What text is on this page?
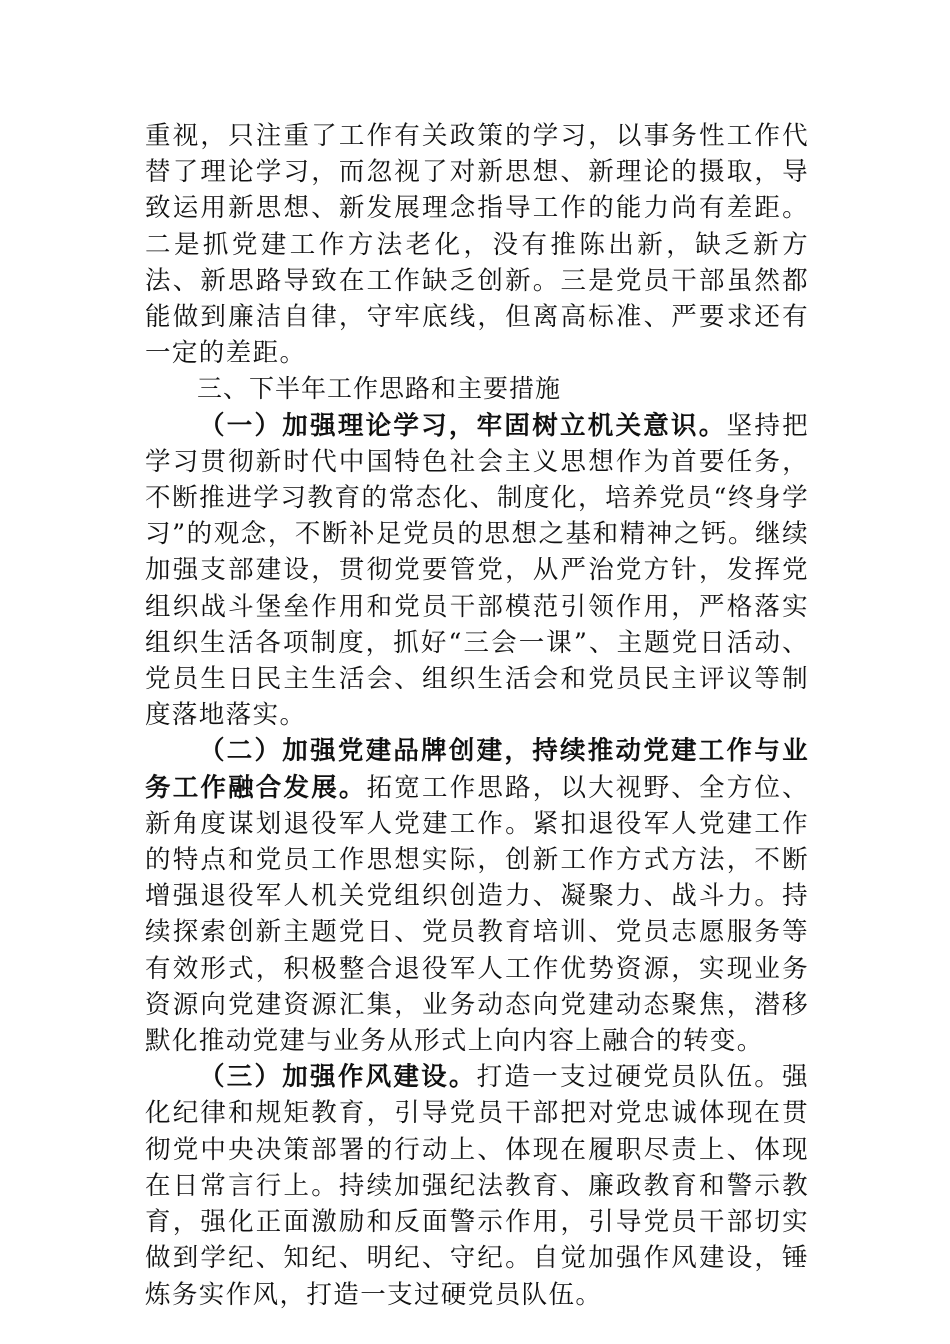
重视，只注重了工作有关政策的学习，以事务性工作代替了理论学习，而忽视了对新思想、新理论的摄取，导致运用新思想、新发展理念指导工作的能力尚有差距。二是抓党建工作方法老化，没有推陈出新，缺乏新方法、新思路导致在工作缺乏创新。三是党员干部虽然都能做到廉洁自律，守牢底线，但离高标准、严要求还有一定的差距。

三、下半年工作思路和主要措施

（一）加强理论学习，牢固树立机关意识。坚持把学习贯彻新时代中国特色社会主义思想作为首要任务，不断推进学习教育的常态化、制度化，培养党员“终身学习”的观念，不断补足党员的思想之基和精神之钙。继续加强支部建设，贯彻党要管党，从严治党方针，发挥党组织战斗堡垒作用和党员干部模范引领作用，严格落实组织生活各项制度，抓好“三会一课”、主题党日活动、党员生日民主生活会、组织生活会和党员民主评议等制度落地落实。

（二）加强党建品牌创建，持续推动党建工作与业务工作融合发展。拓宽工作思路，以大视野、全方位、新角度谋划退役军人党建工作。紧扣退役军人党建工作的特点和党员工作思想实际，创新工作方式方法，不断增强退役军人机关党组织创造力、凝聚力、战斗力。持续探索创新主题党日、党员教育培训、党员志愿服务等有效形式，积极整合退役军人工作优势资源，实现业务资源向党建资源汇集，业务动态向党建动态聚焦，潜移默化推动党建与业务从形式上向内容上融合的转变。

（三）加强作风建设。打造一支过硬党员队伍。强化纪律和规矩教育，引导党员干部把对党忠诚体现在贯彻党中央决策部署的行动上、体现在履职尽责上、体现在日常言行上。持续加强纪法教育、廉政教育和警示教育，强化正面激励和反面警示作用，引导党员干部切实做到学纪、知纪、明纪、守纪。自觉加强作风建设，锤炼务实作风，打造一支过硬党员队伍。
